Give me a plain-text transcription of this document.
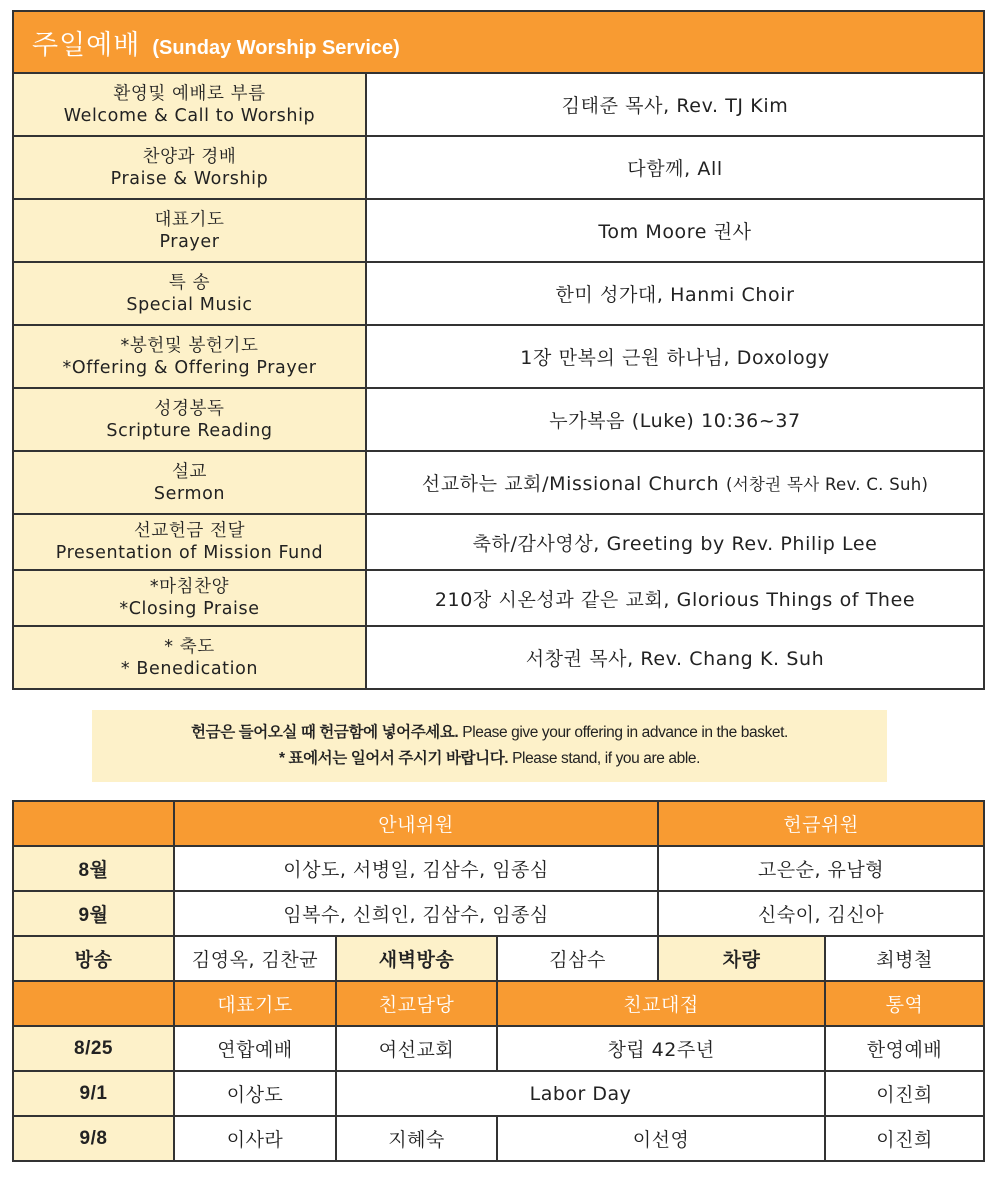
주일예배 (Sunday Worship Service)	

환영및 예배로 부름
Welcome & Call to Worship	김태준 목사, Rev. TJ Kim

찬양과 경배
Praise & Worship	다함께, All

대표기도
Prayer	Tom Moore 권사

특 송
Special Music	한미 성가대, Hanmi Choir

*봉헌및 봉헌기도
*Offering & Offering Prayer	1장 만복의 근원 하나님, Doxology

성경봉독
Scripture Reading	누가복음 (Luke) 10:36~37

설교
Sermon	선교하는 교회/Missional Church (서창권 목사 Rev. C. Suh)

선교헌금 전달
Presentation of Mission Fund	축하/감사영상, Greeting by Rev. Philip Lee

*마침찬양
*Closing Praise	210장 시온성과 같은 교회, Glorious Things of Thee

* 축도
* Benedication	서창권 목사, Rev. Chang K. Suh
헌금은 들어오실 때 헌금함에 넣어주세요. Please give your offering in advance in the basket.
* 표에서는 일어서 주시기 바랍니다. Please stand, if you are able.
	안내위원			헌금위원	
8월	이상도, 서병일, 김삼수, 임종심			고은순, 유남형	
9월	임복수, 신희인, 김삼수, 임종심			신숙이, 김신아	
방송	김영옥, 김찬균	새벽방송	김삼수	차량	최병철
	대표기도	친교담당	친교대접		통역
8/25	연합예배	여선교회	창립 42주년		한영예배
9/1	이상도	Labor Day			이진희
9/8	이사라	지혜숙	이선영		이진희
